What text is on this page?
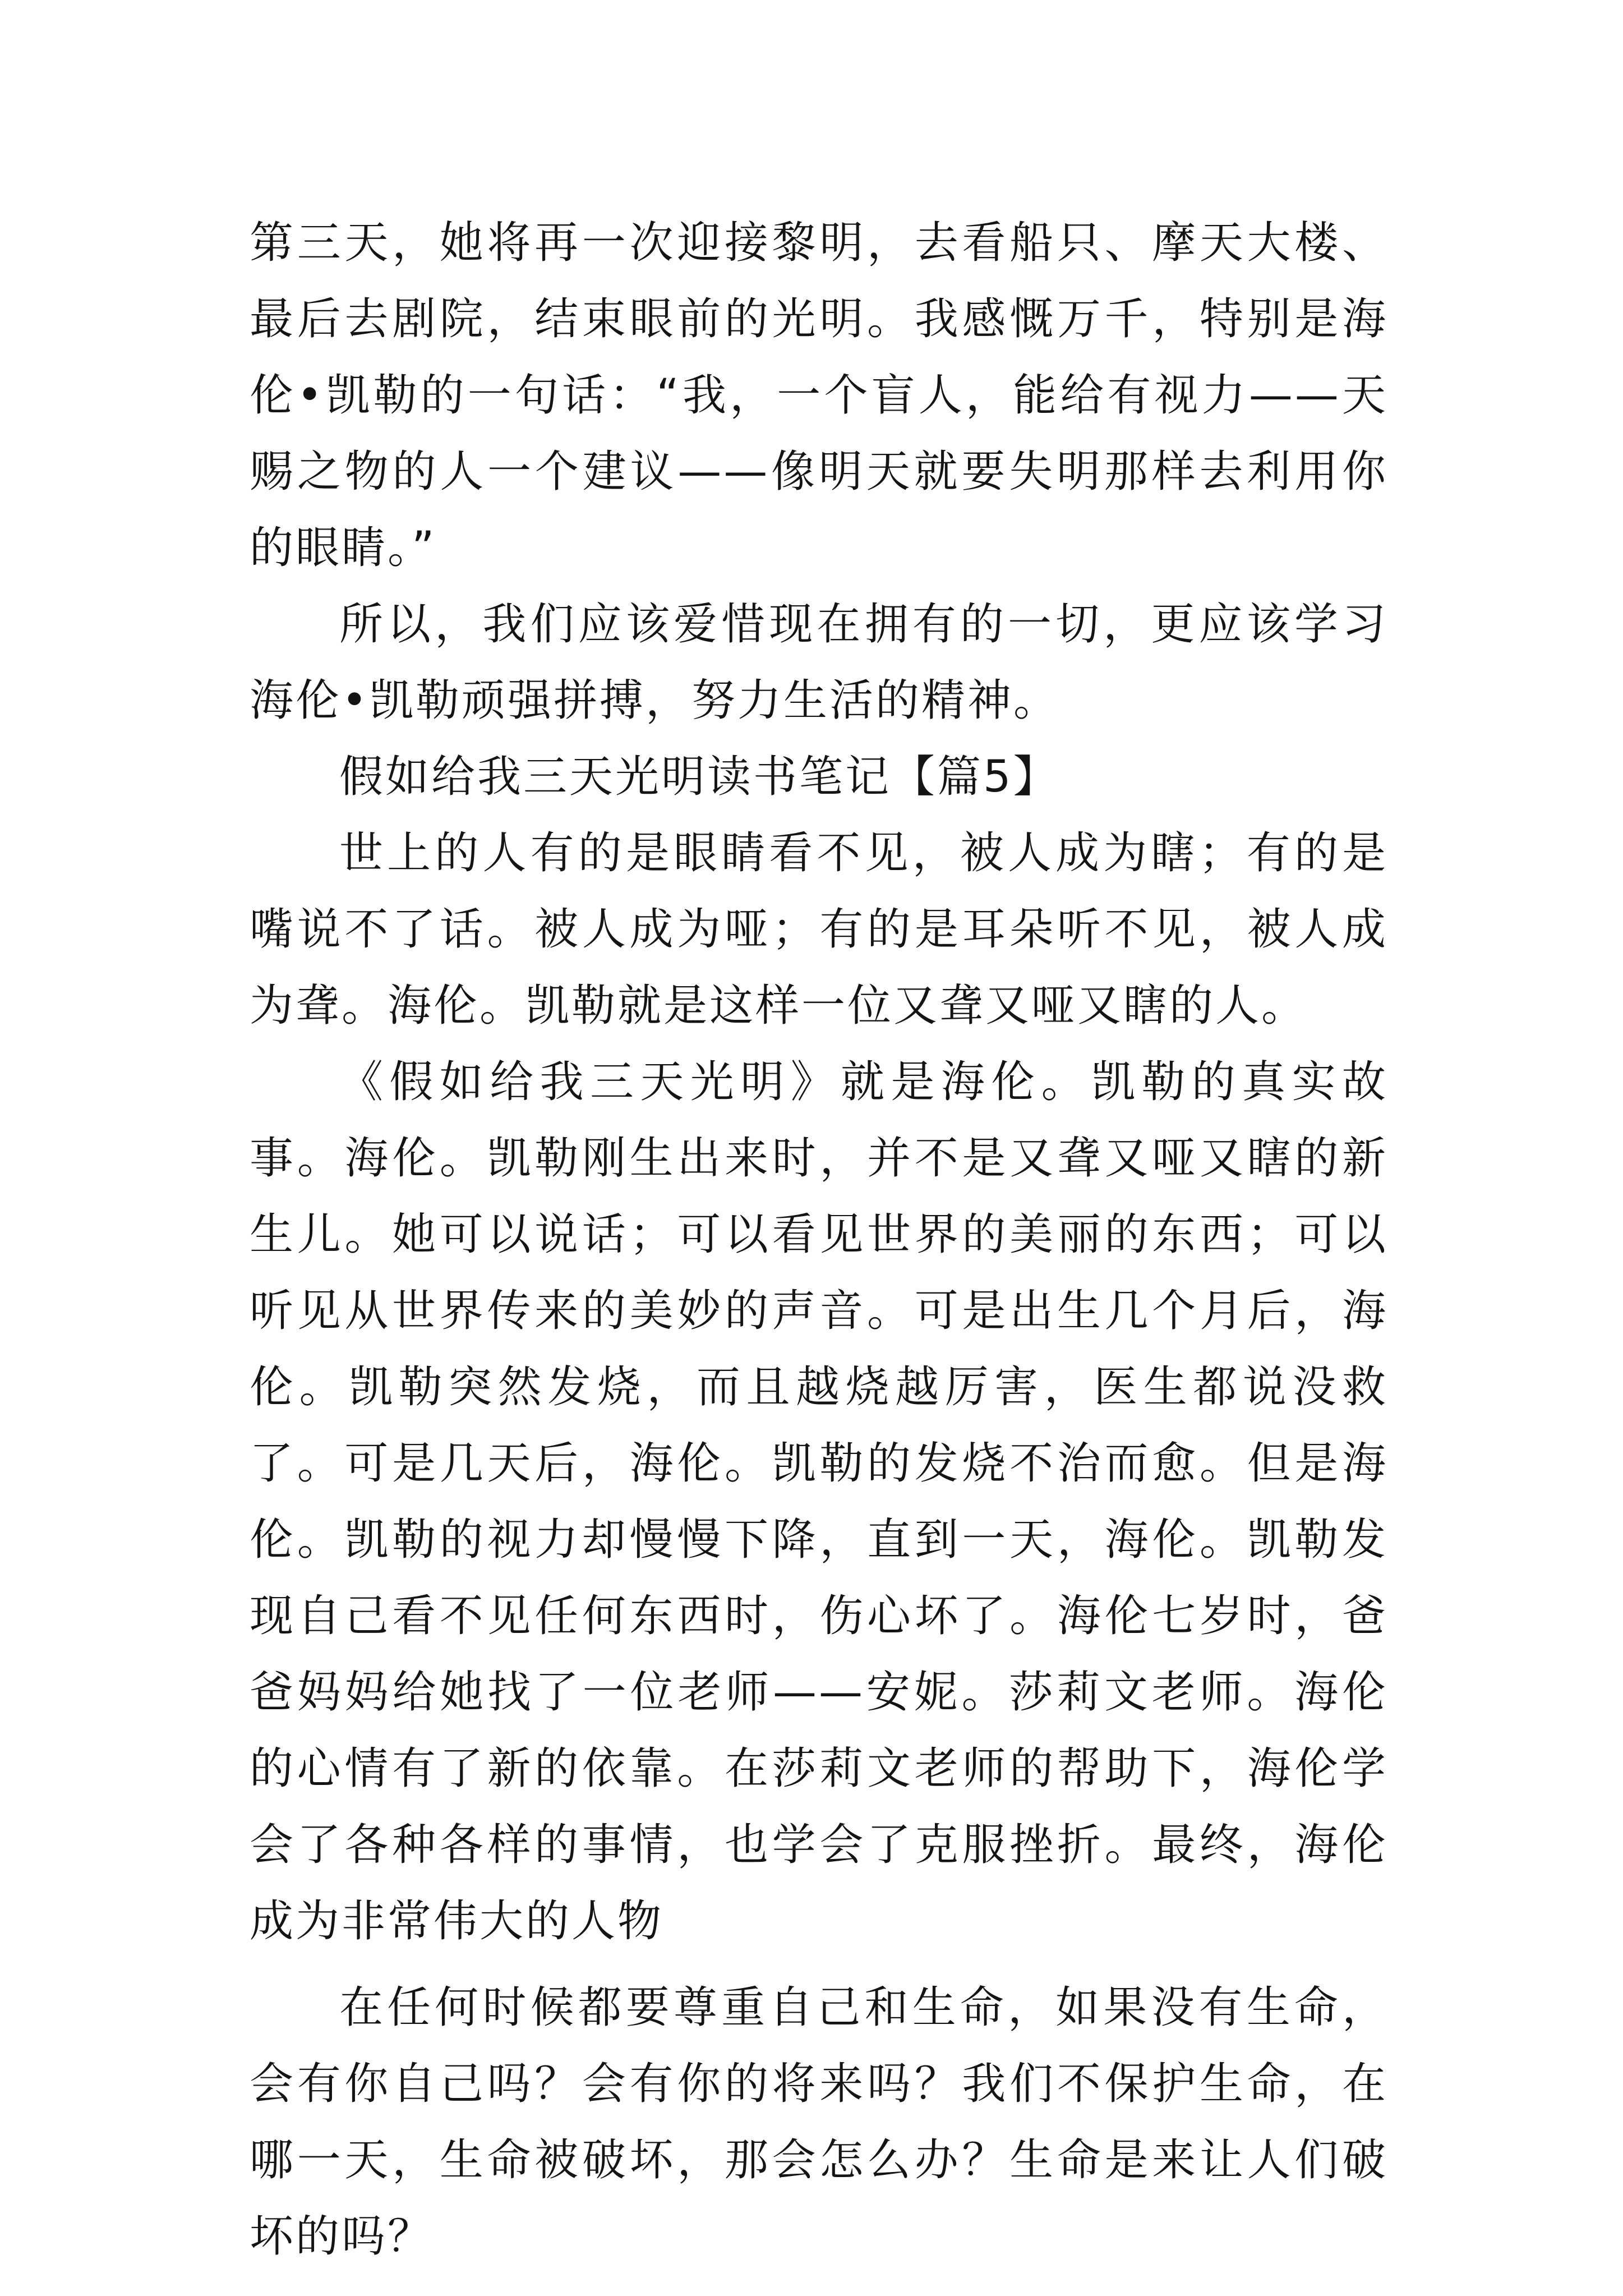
第三天，她将再一次迎接黎明，去看船只、摩天大楼、最后去剧院，结束眼前的光明。我感慨万千，特别是海伦•凯勒的一句话：“我，一个盲人，能给有视力——天赐之物的人一个建议——像明天就要失明那样去利用你的眼睛。”

所以，我们应该爱惜现在拥有的一切，更应该学习海伦•凯勒顽强拼搏，努力生活的精神。

假如给我三天光明读书笔记【篇5】

世上的人有的是眼睛看不见，被人成为瞎；有的是嘴说不了话。被人成为哑；有的是耳朵听不见，被人成为聋。海伦。凯勒就是这样一位又聋又哑又瞎的人。

《假如给我三天光明》就是海伦。凯勒的真实故事。海伦。凯勒刚生出来时，并不是又聋又哑又瞎的新生儿。她可以说话；可以看见世界的美丽的东西；可以听见从世界传来的美妙的声音。可是出生几个月后，海伦。凯勒突然发烧，而且越烧越厉害，医生都说没救了。可是几天后，海伦。凯勒的发烧不治而愈。但是海伦。凯勒的视力却慢慢下降，直到一天，海伦。凯勒发现自己看不见任何东西时，伤心坏了。海伦七岁时，爸爸妈妈给她找了一位老师——安妮。莎莉文老师。海伦的心情有了新的依靠。在莎莉文老师的帮助下，海伦学会了各种各样的事情，也学会了克服挫折。最终，海伦成为非常伟大的人物

在任何时候都要尊重自己和生命，如果没有生命，会有你自己吗？会有你的将来吗？我们不保护生命，在哪一天，生命被破坏，那会怎么办？生命是来让人们破坏的吗？
